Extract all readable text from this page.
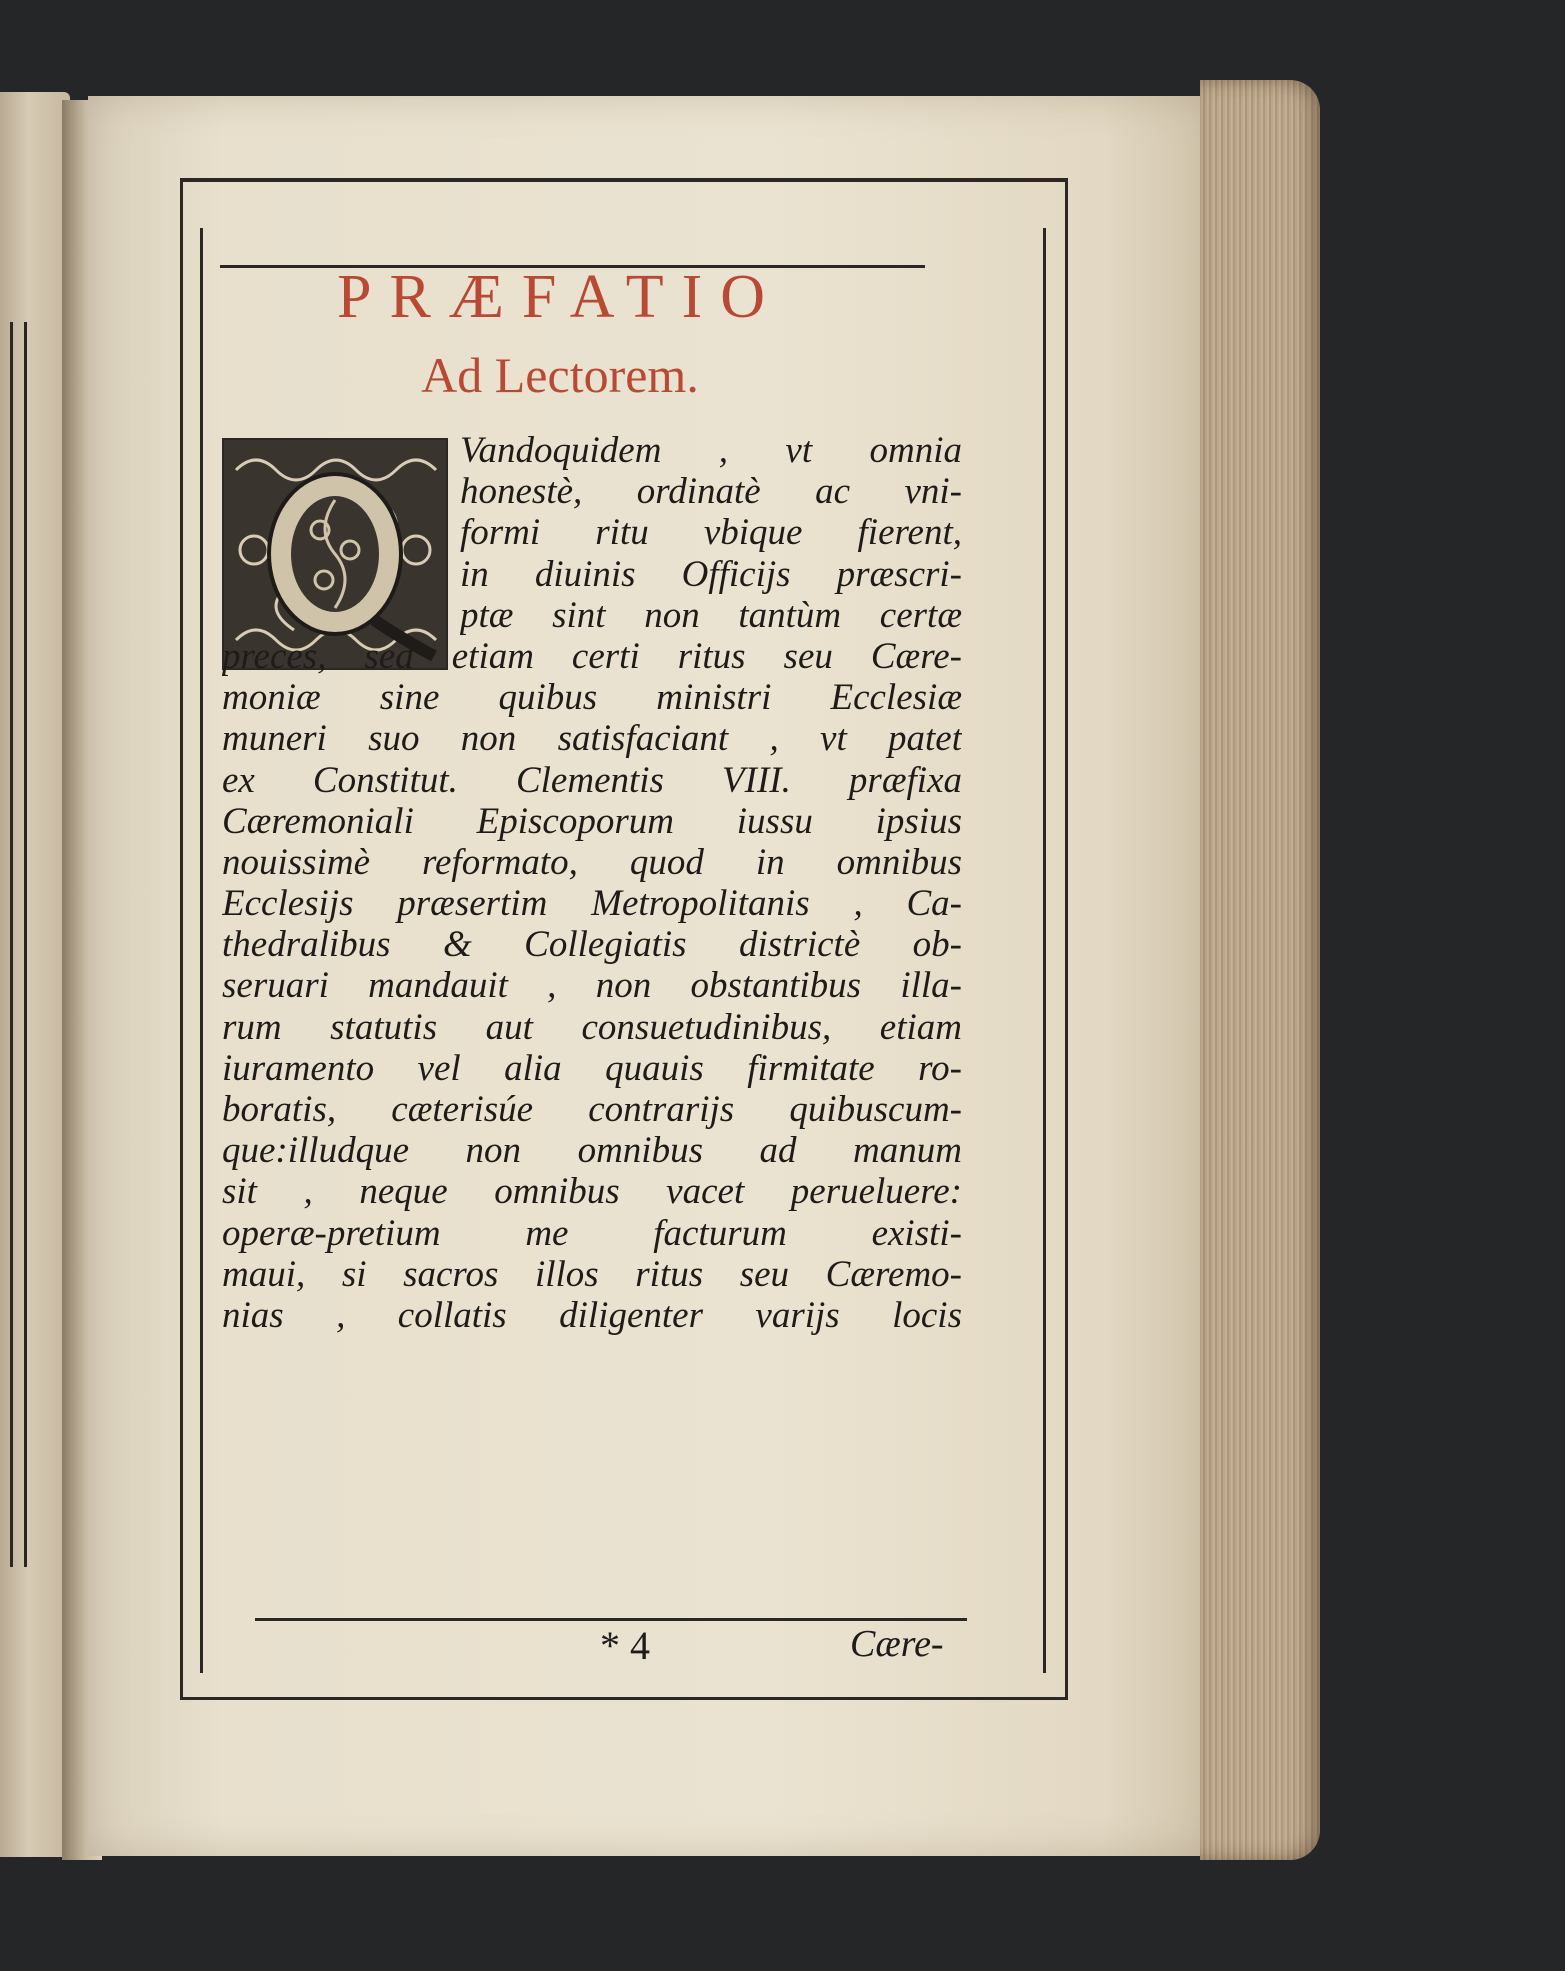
PRÆFATIO
Ad Lectorem.
Vandoquidem , vt omnia
honestè, ordinatè ac vni-
formi ritu vbique fierent,
in diuinis Officijs præscri-
ptæ sint non tantùm certæ
preces, sed etiam certi ritus seu Cære-
moniæ sine quibus ministri Ecclesiæ
muneri suo non satisfaciant , vt patet
ex Constitut. Clementis VIII. præfixa
Cæremoniali Episcoporum iussu ipsius
nouissimè reformato, quod in omnibus
Ecclesijs præsertim Metropolitanis , Ca-
thedralibus & Collegiatis districtè ob-
seruari mandauit , non obstantibus illa-
rum statutis aut consuetudinibus, etiam
iuramento vel alia quauis firmitate ro-
boratis, cæterisúe contrarijs quibuscum-
que:illudque non omnibus ad manum
sit , neque omnibus vacet perueluere:
operæ-pretium me facturum existi-
maui, si sacros illos ritus seu Cæremo-
nias , collatis diligenter varijs locis
* 4	Cære-
